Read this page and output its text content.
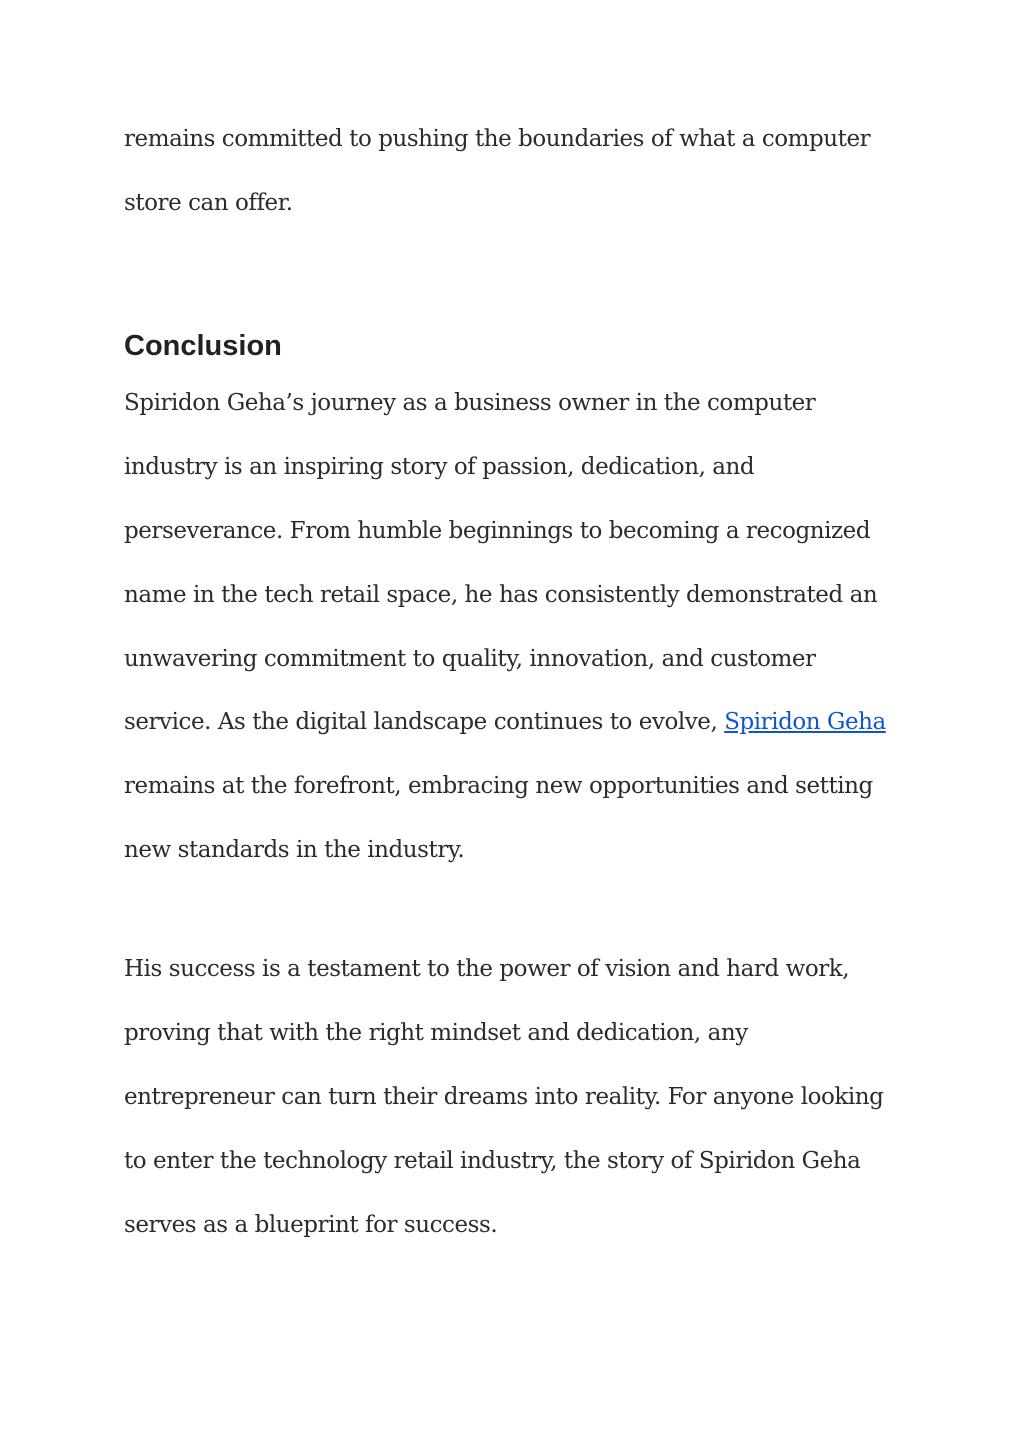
remains committed to pushing the boundaries of what a computer

store can offer.

Conclusion

Spiridon Geha’s journey as a business owner in the computer

industry is an inspiring story of passion, dedication, and

perseverance. From humble beginnings to becoming a recognized

name in the tech retail space, he has consistently demonstrated an

unwavering commitment to quality, innovation, and customer

service. As the digital landscape continues to evolve, Spiridon Geha

remains at the forefront, embracing new opportunities and setting

new standards in the industry.

His success is a testament to the power of vision and hard work,

proving that with the right mindset and dedication, any

entrepreneur can turn their dreams into reality. For anyone looking

to enter the technology retail industry, the story of Spiridon Geha

serves as a blueprint for success.
